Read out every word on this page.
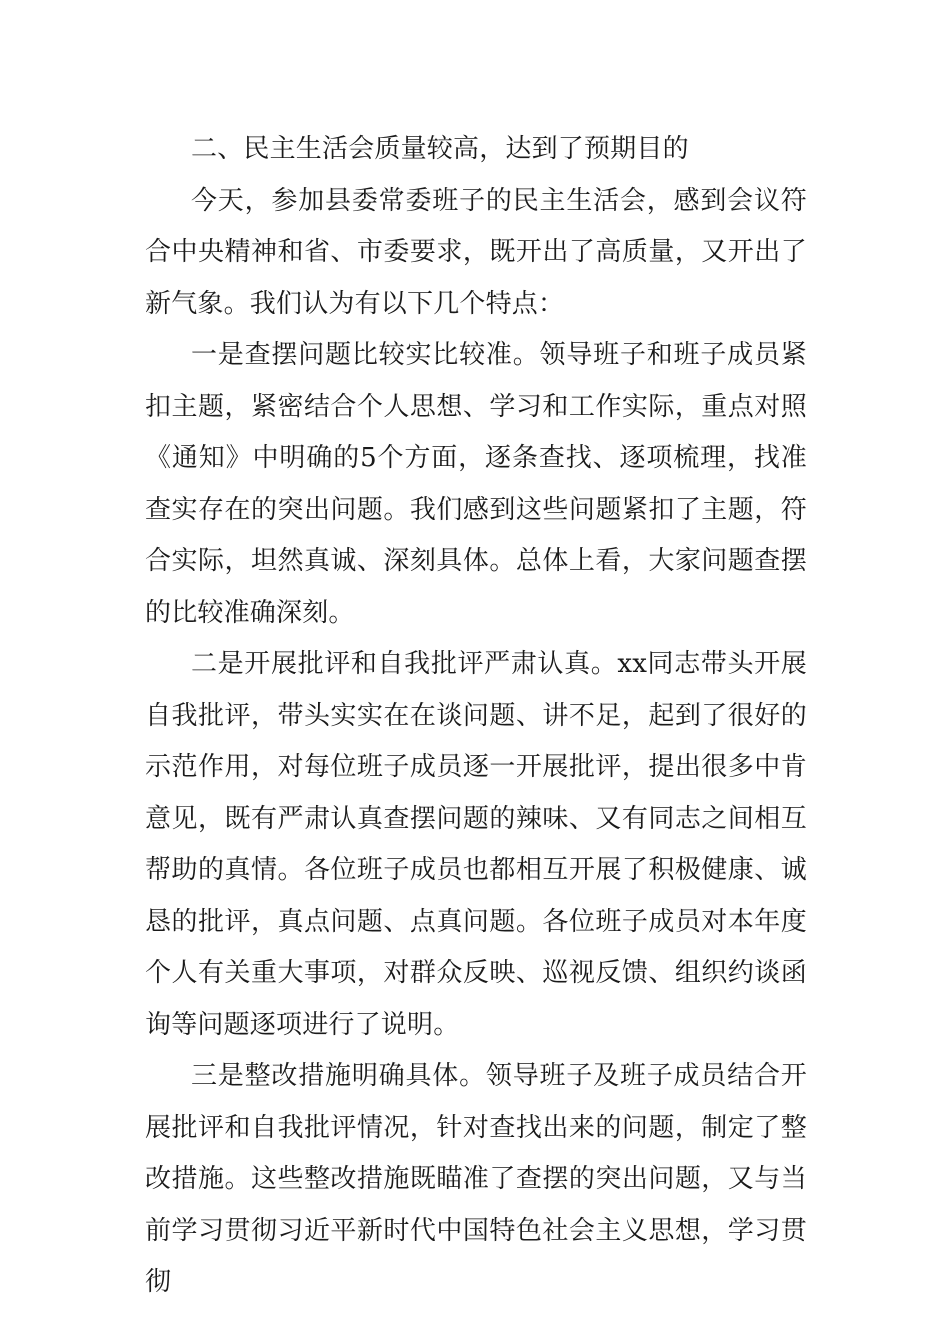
二、民主生活会质量较高，达到了预期目的

今天，参加县委常委班子的民主生活会，感到会议符合中央精神和省、市委要求，既开出了高质量，又开出了新气象。我们认为有以下几个特点：

一是查摆问题比较实比较准。领导班子和班子成员紧扣主题，紧密结合个人思想、学习和工作实际，重点对照《通知》中明确的5个方面，逐条查找、逐项梳理，找准查实存在的突出问题。我们感到这些问题紧扣了主题，符合实际，坦然真诚、深刻具体。总体上看，大家问题查摆的比较准确深刻。

二是开展批评和自我批评严肃认真。xx同志带头开展自我批评，带头实实在在谈问题、讲不足，起到了很好的示范作用，对每位班子成员逐一开展批评，提出很多中肯意见，既有严肃认真查摆问题的辣味、又有同志之间相互帮助的真情。各位班子成员也都相互开展了积极健康、诚恳的批评，真点问题、点真问题。各位班子成员对本年度个人有关重大事项，对群众反映、巡视反馈、组织约谈函询等问题逐项进行了说明。

三是整改措施明确具体。领导班子及班子成员结合开展批评和自我批评情况，针对查找出来的问题，制定了整改措施。这些整改措施既瞄准了查摆的突出问题，又与当前学习贯彻习近平新时代中国特色社会主义思想，学习贯彻
